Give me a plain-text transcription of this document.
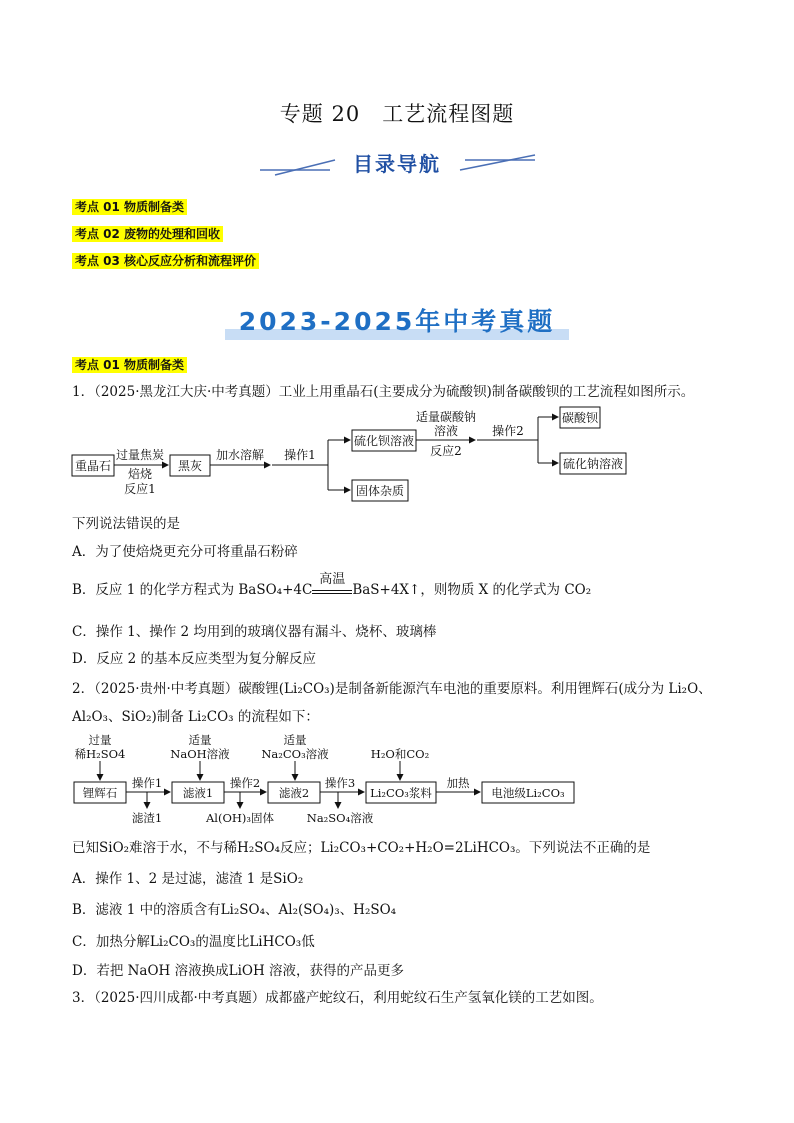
专题 20　工艺流程图题
目录导航
考点 01 物质制备类
考点 02 废物的处理和回收
考点 03 核心反应分析和流程评价
2023-2025年中考真题
考点 01 物质制备类
1．（2025·黑龙江大庆·中考真题）工业上用重晶石(主要成分为硫酸钡)制备碳酸钡的工艺流程如图所示。
重晶石
过量焦炭
焙烧
反应1
黑灰
加水溶解 操作1
硫化钡溶液
固体杂质
适量碳酸钠
溶液
反应2
操作2
碳酸钡
硫化钠溶液
下列说法错误的是
A．为了使焙烧更充分可将重晶石粉碎
B．反应 1 的化学方程式为 BaSO₄+4C
高温
BaS+4X↑，则物质 X 的化学式为 CO₂
C．操作 1、操作 2 均用到的玻璃仪器有漏斗、烧杯、玻璃棒
D．反应 2 的基本反应类型为复分解反应
2．（2025·贵州·中考真题）碳酸锂(Li₂CO₃)是制备新能源汽车电池的重要原料。利用锂辉石(成分为 Li₂O、
Al₂O₃、SiO₂)制备 Li₂CO₃ 的流程如下：
过量
稀H₂SO4
适量
NaOH溶液
适量
Na₂CO₃溶液	H₂O和CO₂
锂辉石
操作1
滤渣1
滤液1
操作2
Al(OH)₃固体
滤液2
操作3
Na₂SO₄溶液
Li₂CO₃浆料
加热
电池级Li₂CO₃
已知SiO₂难溶于水，不与稀H₂SO₄反应；Li₂CO₃+CO₂+H₂O=2LiHCO₃。下列说法不正确的是
A．操作 1、2 是过滤，滤渣 1 是SiO₂
B．滤液 1 中的溶质含有Li₂SO₄、Al₂(SO₄)₃、H₂SO₄
C．加热分解Li₂CO₃的温度比LiHCO₃低
D．若把 NaOH 溶液换成LiOH 溶液，获得的产品更多
3．（2025·四川成都·中考真题）成都盛产蛇纹石，利用蛇纹石生产氢氧化镁的工艺如图。
